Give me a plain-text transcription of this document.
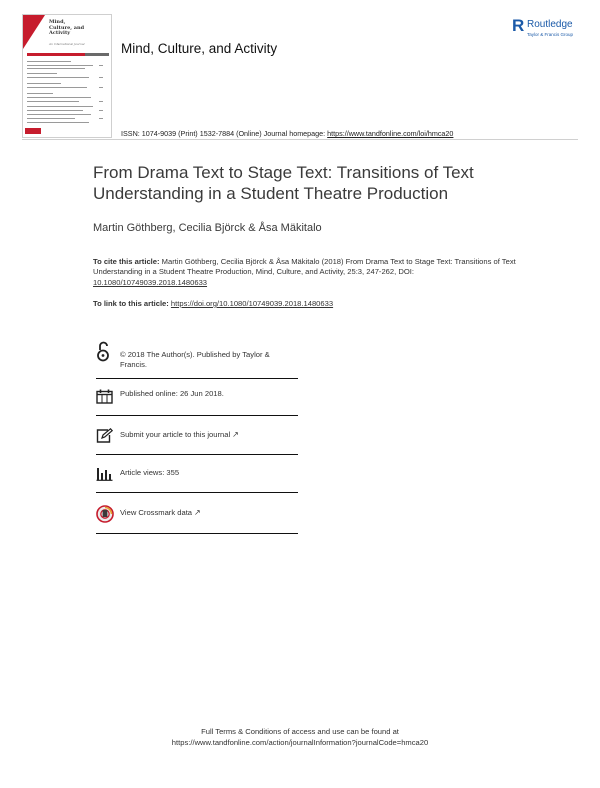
Mind,
Culture, and
Activity
An International Journal	Mind, Culture, and Activity
R Routledge
Taylor & Francis Group
ISSN: 1074-9039 (Print) 1532-7884 (Online) Journal homepage: https://www.tandfonline.com/loi/hmca20
From Drama Text to Stage Text: Transitions of Text Understanding in a Student Theatre Production
Martin Göthberg, Cecilia Björck & Åsa Mäkitalo
To cite this article: Martin Göthberg, Cecilia Björck & Åsa Mäkitalo (2018) From Drama Text to Stage Text: Transitions of Text Understanding in a Student Theatre Production, Mind, Culture, and Activity, 25:3, 247-262, DOI: 10.1080/10749039.2018.1480633
To link to this article: https://doi.org/10.1080/10749039.2018.1480633
© 2018 The Author(s). Published by Taylor & Francis.
Published online: 26 Jun 2018.
Submit your article to this journal ↗
Article views: 355
View Crossmark data ↗
Full Terms & Conditions of access and use can be found at
https://www.tandfonline.com/action/journalInformation?journalCode=hmca20
